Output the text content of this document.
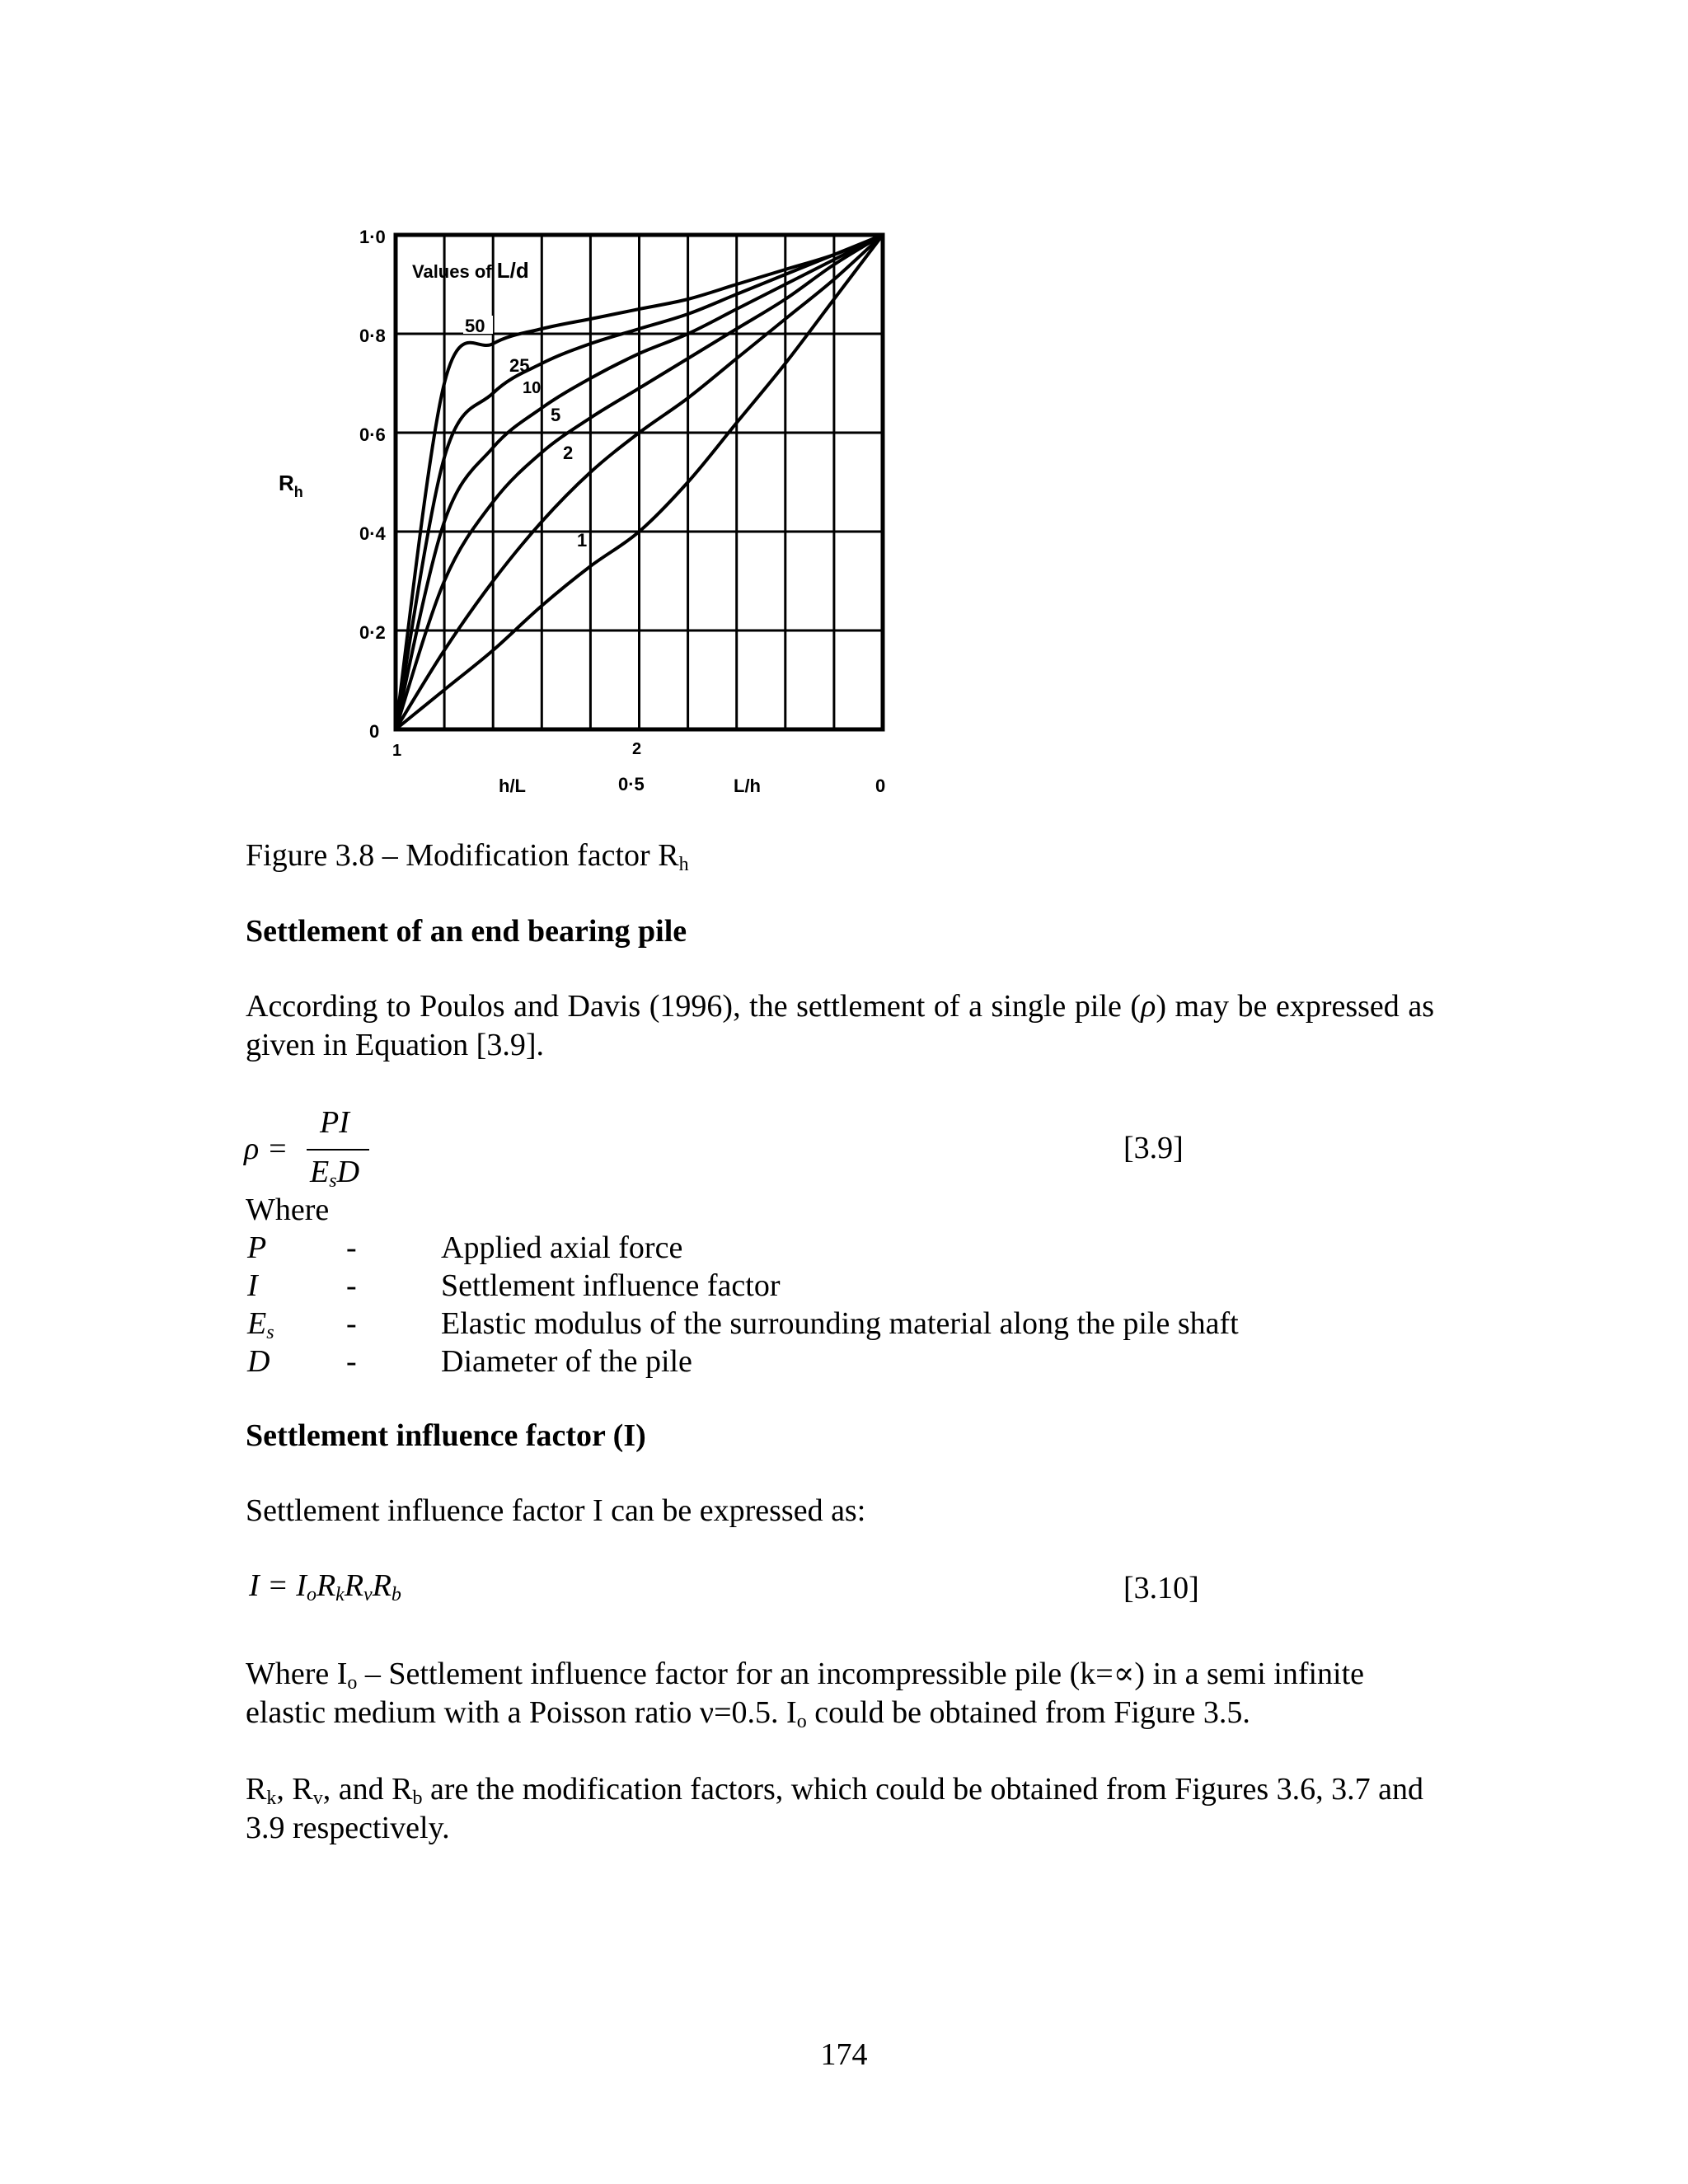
$R_h$
1·0
0·8
0·6
0·4
0·2
0
Values of L/d
50
25
10
5
2
1
1	2
h/L	0·5	L/h	0
Figure 3.8 – Modification factor $R_h$
Settlement of an end bearing pile
According to Poulos and Davis (1996), the settlement of a single pile (ρ) may be expressed as given in Equation [3.9].
ρ =
PI
$E_sD$
[3.9]
Where
P	-	Applied axial force
I	-	Settlement influence factor
$E_s$ -	Elastic modulus of the surrounding material along the pile shaft
D -	Diameter of the pile
Settlement influence factor (I)
Settlement influence factor I can be expressed as:
$I = I_oR_kR_vR_b$	[3.10]
Where $I_o$ – Settlement influence factor for an incompressible pile (k=∝) in a semi infinite elastic medium with a Poisson ratio ν=0.5. $I_o$ could be obtained from Figure 3.5.
$R_k$, $R_v$, and $R_b$ are the modification factors, which could be obtained from Figures 3.6, 3.7 and 3.9 respectively.
174
